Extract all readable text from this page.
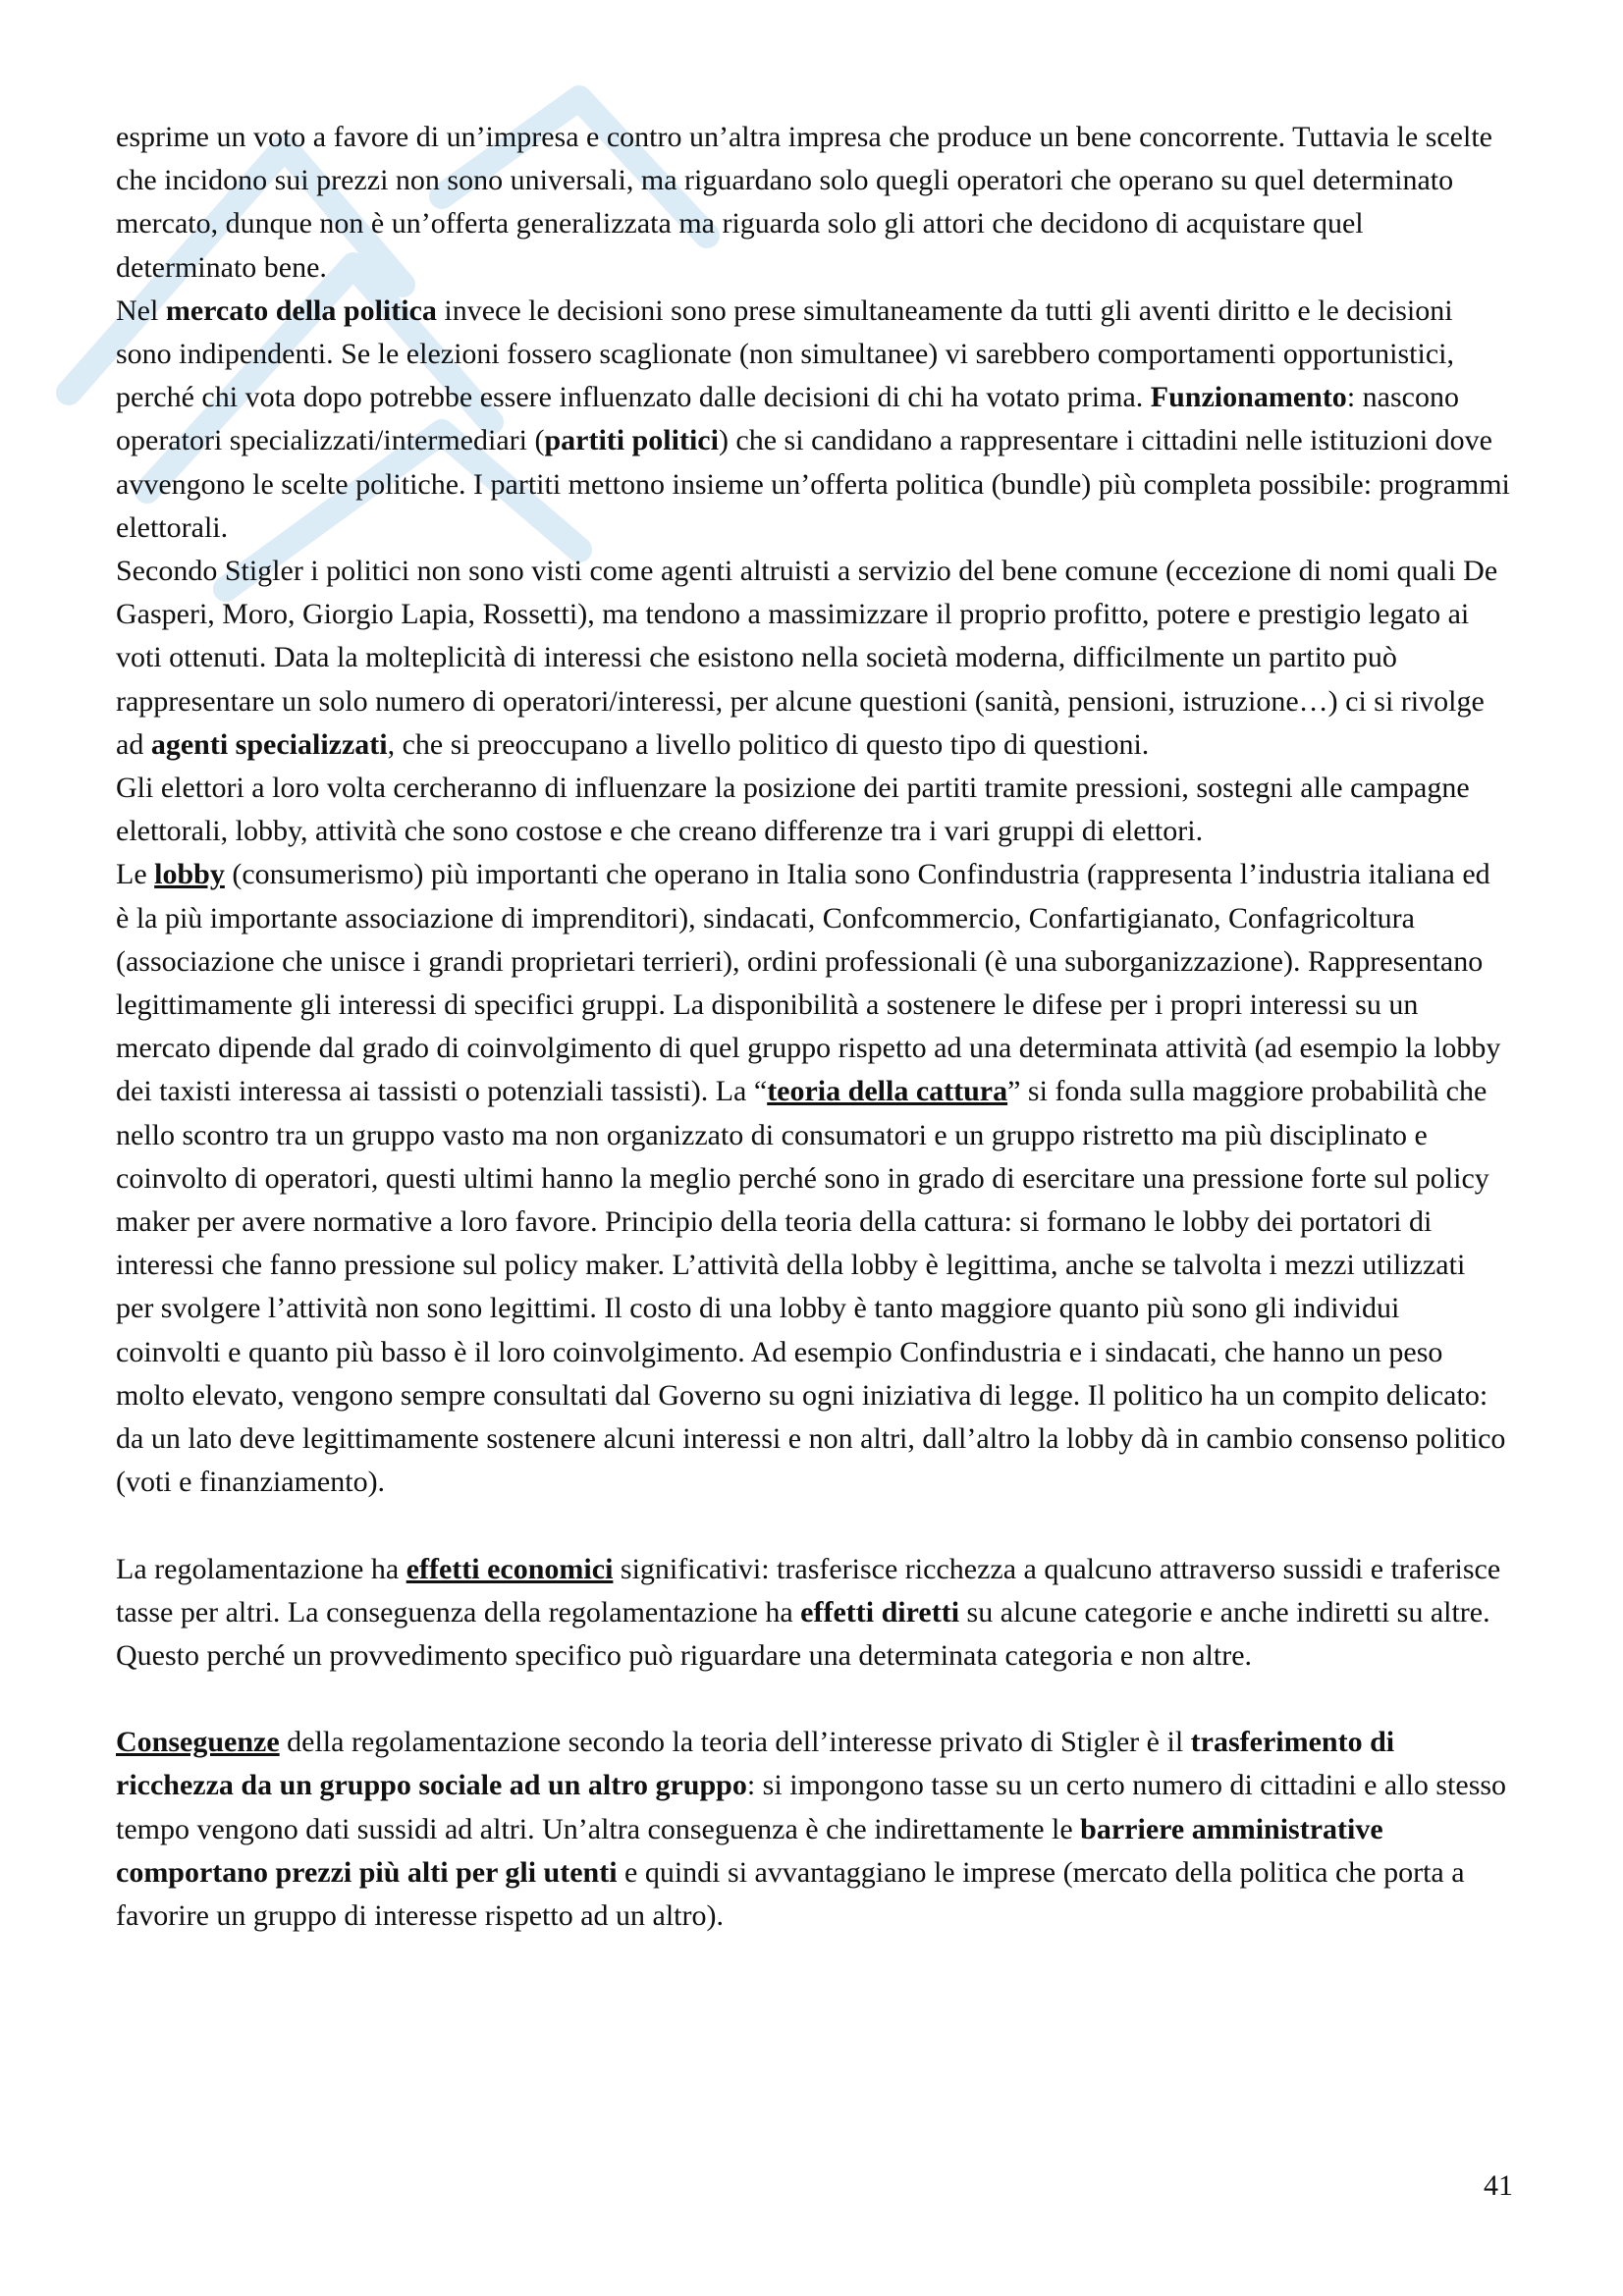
esprime un voto a favore di un’impresa e contro un’altra impresa che produce un bene concorrente. Tuttavia le scelte che incidono sui prezzi non sono universali, ma riguardano solo quegli operatori che operano su quel determinato mercato, dunque non è un’offerta generalizzata ma riguarda solo gli attori che decidono di acquistare quel determinato bene.

Nel mercato della politica invece le decisioni sono prese simultaneamente da tutti gli aventi diritto e le decisioni sono indipendenti. Se le elezioni fossero scaglionate (non simultanee) vi sarebbero comportamenti opportunistici, perché chi vota dopo potrebbe essere influenzato dalle decisioni di chi ha votato prima. Funzionamento: nascono operatori specializzati/intermediari (partiti politici) che si candidano a rappresentare i cittadini nelle istituzioni dove avvengono le scelte politiche. I partiti mettono insieme un’offerta politica (bundle) più completa possibile: programmi elettorali.

Secondo Stigler i politici non sono visti come agenti altruisti a servizio del bene comune (eccezione di nomi quali De Gasperi, Moro, Giorgio Lapia, Rossetti), ma tendono a massimizzare il proprio profitto, potere e prestigio legato ai voti ottenuti. Data la molteplicità di interessi che esistono nella società moderna, difficilmente un partito può rappresentare un solo numero di operatori/interessi, per alcune questioni (sanità, pensioni, istruzione…) ci si rivolge ad agenti specializzati, che si preoccupano a livello politico di questo tipo di questioni.

Gli elettori a loro volta cercheranno di influenzare la posizione dei partiti tramite pressioni, sostegni alle campagne elettorali, lobby, attività che sono costose e che creano differenze tra i vari gruppi di elettori.

Le lobby (consumerismo) più importanti che operano in Italia sono Confindustria (rappresenta l’industria italiana ed è la più importante associazione di imprenditori), sindacati, Confcommercio, Confartigianato, Confagricoltura (associazione che unisce i grandi proprietari terrieri), ordini professionali (è una suborganizzazione). Rappresentano legittimamente gli interessi di specifici gruppi. La disponibilità a sostenere le difese per i propri interessi su un mercato dipende dal grado di coinvolgimento di quel gruppo rispetto ad una determinata attività (ad esempio la lobby dei taxisti interessa ai tassisti o potenziali tassisti). La “teoria della cattura” si fonda sulla maggiore probabilità che nello scontro tra un gruppo vasto ma non organizzato di consumatori e un gruppo ristretto ma più disciplinato e coinvolto di operatori, questi ultimi hanno la meglio perché sono in grado di esercitare una pressione forte sul policy maker per avere normative a loro favore. Principio della teoria della cattura: si formano le lobby dei portatori di interessi che fanno pressione sul policy maker. L’attività della lobby è legittima, anche se talvolta i mezzi utilizzati per svolgere l’attività non sono legittimi. Il costo di una lobby è tanto maggiore quanto più sono gli individui coinvolti e quanto più basso è il loro coinvolgimento. Ad esempio Confindustria e i sindacati, che hanno un peso molto elevato, vengono sempre consultati dal Governo su ogni iniziativa di legge. Il politico ha un compito delicato: da un lato deve legittimamente sostenere alcuni interessi e non altri, dall’altro la lobby dà in cambio consenso politico (voti e finanziamento).

La regolamentazione ha effetti economici significativi: trasferisce ricchezza a qualcuno attraverso sussidi e traferisce tasse per altri. La conseguenza della regolamentazione ha effetti diretti su alcune categorie e anche indiretti su altre. Questo perché un provvedimento specifico può riguardare una determinata categoria e non altre.

Conseguenze della regolamentazione secondo la teoria dell’interesse privato di Stigler è il trasferimento di ricchezza da un gruppo sociale ad un altro gruppo: si impongono tasse su un certo numero di cittadini e allo stesso tempo vengono dati sussidi ad altri. Un’altra conseguenza è che indirettamente le barriere amministrative comportano prezzi più alti per gli utenti e quindi si avvantaggiano le imprese (mercato della politica che porta a favorire un gruppo di interesse rispetto ad un altro).

41
